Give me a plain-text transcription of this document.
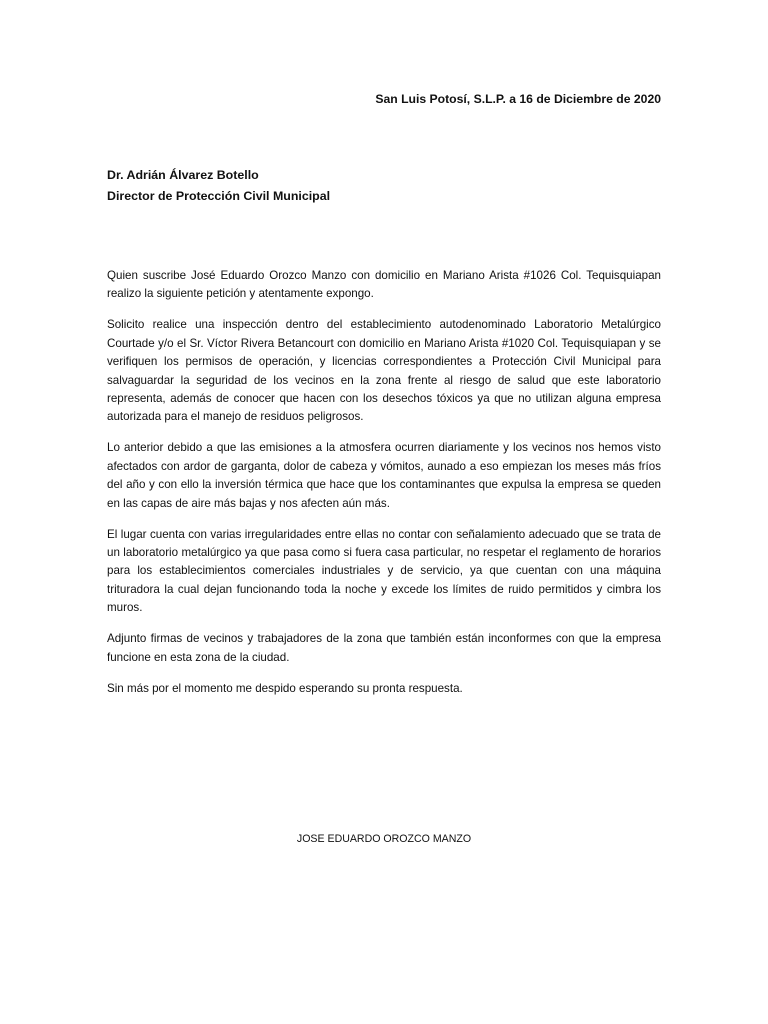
San Luis Potosí, S.L.P. a 16 de Diciembre de 2020
Dr. Adrián Álvarez Botello
Director de Protección Civil Municipal

Quien suscribe José Eduardo Orozco Manzo con domicilio en Mariano Arista #1026 Col. Tequisquiapan realizo la siguiente petición y atentamente expongo.

Solicito realice una inspección dentro del establecimiento autodenominado Laboratorio Metalúrgico Courtade y/o el Sr. Víctor Rivera Betancourt con domicilio en Mariano Arista #1020 Col. Tequisquiapan y se verifiquen los permisos de operación, y licencias correspondientes a Protección Civil Municipal para salvaguardar la seguridad de los vecinos en la zona frente al riesgo de salud que este laboratorio representa, además de conocer que hacen con los desechos tóxicos ya que no utilizan alguna empresa autorizada para el manejo de residuos peligrosos.

Lo anterior debido a que las emisiones a la atmosfera ocurren diariamente y los vecinos nos hemos visto afectados con ardor de garganta, dolor de cabeza y vómitos, aunado a eso empiezan los meses más fríos del año y con ello la inversión térmica que hace que los contaminantes que expulsa la empresa se queden en las capas de aire más bajas y nos afecten aún más.

El lugar cuenta con varias irregularidades entre ellas no contar con señalamiento adecuado que se trata de un laboratorio metalúrgico ya que pasa como si fuera casa particular, no respetar el reglamento de horarios para los establecimientos comerciales industriales y de servicio, ya que cuentan con una máquina trituradora la cual dejan funcionando toda la noche y excede los límites de ruido permitidos y cimbra los muros.

Adjunto firmas de vecinos y trabajadores de la zona que también están inconformes con que la empresa funcione en esta zona de la ciudad.

Sin más por el momento me despido esperando su pronta respuesta.

JOSE EDUARDO OROZCO MANZO
